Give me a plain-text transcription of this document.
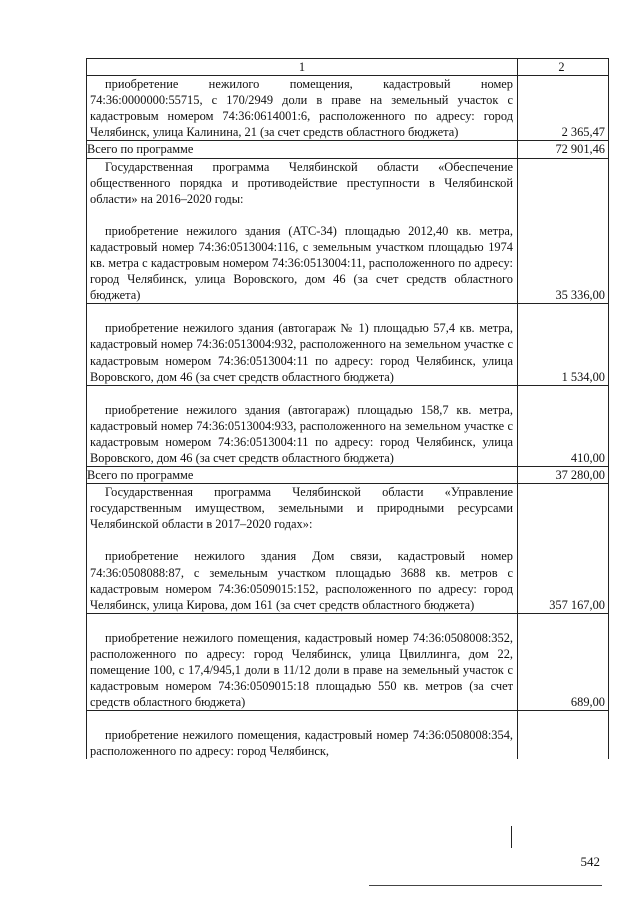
1	2

приобретение нежилого помещения, кадастровый номер 74:36:0000000:55715, с 170/2949 доли в праве на земельный участок с кадастровым номером 74:36:0614001:6, расположенного по адресу: город Челябинск, улица Калинина, 21 (за счет средств областного бюджета)	2 365,47
Всего по программе	72 901,46

Государственная программа Челябинской области «Обеспечение общественного порядка и противодействие преступности в Челябинской области» на 2016–2020 годы:
приобретение нежилого здания (АТС-34) площадью 2012,40 кв. метра, кадастровый номер 74:36:0513004:116, с земельным участком площадью 1974 кв. метра с кадастровым номером 74:36:0513004:11, расположенного по адресу: город Челябинск, улица Воровского, дом 46 (за счет средств областного бюджета)	35 336,00

приобретение нежилого здания (автогараж № 1) площадью 57,4 кв. метра, кадастровый номер 74:36:0513004:932, расположенного на земельном участке с кадастровым номером 74:36:0513004:11 по адресу: город Челябинск, улица Воровского, дом 46 (за счет средств областного бюджета)	1 534,00

приобретение нежилого здания (автогараж) площадью 158,7 кв. метра, кадастровый номер 74:36:0513004:933, расположенного на земельном участке с кадастровым номером 74:36:0513004:11 по адресу: город Челябинск, улица Воровского, дом 46 (за счет средств областного бюджета)	410,00
Всего по программе	37 280,00

Государственная программа Челябинской области «Управление государственным имуществом, земельными и природными ресурсами Челябинской области в 2017–2020 годах»:
приобретение нежилого здания Дом связи, кадастровый номер 74:36:0508088:87, с земельным участком площадью 3688 кв. метров с кадастровым номером 74:36:0509015:152, расположенного по адресу: город Челябинск, улица Кирова, дом 161 (за счет средств областного бюджета)	357 167,00

приобретение нежилого помещения, кадастровый номер 74:36:0508008:352, расположенного по адресу: город Челябинск, улица Цвиллинга, дом 22, помещение 100, с 17,4/945,1 доли в 11/12 доли в праве на земельный участок с кадастровым номером 74:36:0509015:18 площадью 550 кв. метров (за счет средств областного бюджета)	689,00

приобретение нежилого помещения, кадастровый номер 74:36:0508008:354, расположенного по адресу: город Челябинск,	

542
